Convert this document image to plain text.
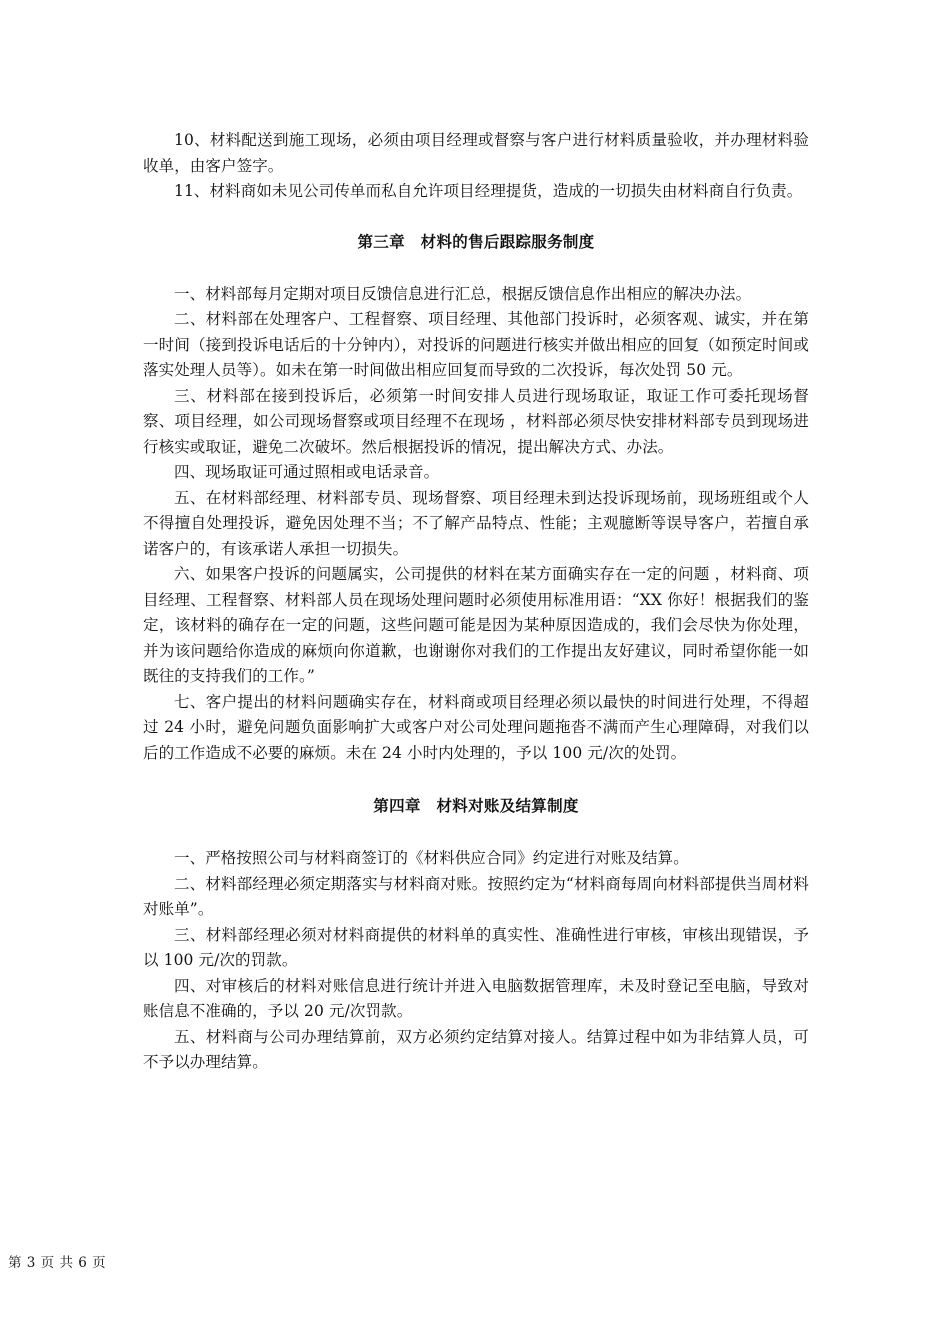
10、材料配送到施工现场，必须由项目经理或督察与客户进行材料质量验收，并办理材料验收单，由客户签字。

11、材料商如未见公司传单而私自允许项目经理提货，造成的一切损失由材料商自行负责。

第三章　材料的售后跟踪服务制度

一、材料部每月定期对项目反馈信息进行汇总，根据反馈信息作出相应的解决办法。

二、材料部在处理客户、工程督察、项目经理、其他部门投诉时，必须客观、诚实，并在第一时间（接到投诉电话后的十分钟内），对投诉的问题进行核实并做出相应的回复（如预定时间或落实处理人员等）。如未在第一时间做出相应回复而导致的二次投诉，每次处罚 50 元。

三、材料部在接到投诉后，必须第一时间安排人员进行现场取证，取证工作可委托现场督察、项目经理，如公司现场督察或项目经理不在现场 ，材料部必须尽快安排材料部专员到现场进行核实或取证，避免二次破坏。然后根据投诉的情况，提出解决方式、办法。

四、现场取证可通过照相或电话录音。

五、在材料部经理、材料部专员、现场督察、项目经理未到达投诉现场前，现场班组或个人不得擅自处理投诉，避免因处理不当；不了解产品特点、性能；主观臆断等误导客户，若擅自承诺客户的，有该承诺人承担一切损失。

六、如果客户投诉的问题属实，公司提供的材料在某方面确实存在一定的问题 ，材料商、项目经理、工程督察、材料部人员在现场处理问题时必须使用标准用语：“XX 你好！根据我们的鉴定，该材料的确存在一定的问题，这些问题可能是因为某种原因造成的，我们会尽快为你处理，并为该问题给你造成的麻烦向你道歉，也谢谢你对我们的工作提出友好建议，同时希望你能一如既往的支持我们的工作。”

七、客户提出的材料问题确实存在，材料商或项目经理必须以最快的时间进行处理，不得超过 24 小时，避免问题负面影响扩大或客户对公司处理问题拖沓不满而产生心理障碍，对我们以后的工作造成不必要的麻烦。未在 24 小时内处理的，予以 100 元/次的处罚。

第四章　材料对账及结算制度

一、严格按照公司与材料商签订的《材料供应合同》约定进行对账及结算。

二、材料部经理必须定期落实与材料商对账。按照约定为“材料商每周向材料部提供当周材料对账单”。

三、材料部经理必须对材料商提供的材料单的真实性、准确性进行审核，审核出现错误，予以 100 元/次的罚款。

四、对审核后的材料对账信息进行统计并进入电脑数据管理库，未及时登记至电脑，导致对账信息不准确的，予以 20 元/次罚款。

五、材料商与公司办理结算前，双方必须约定结算对接人。结算过程中如为非结算人员，可不予以办理结算。

第 3 页 共 6 页
